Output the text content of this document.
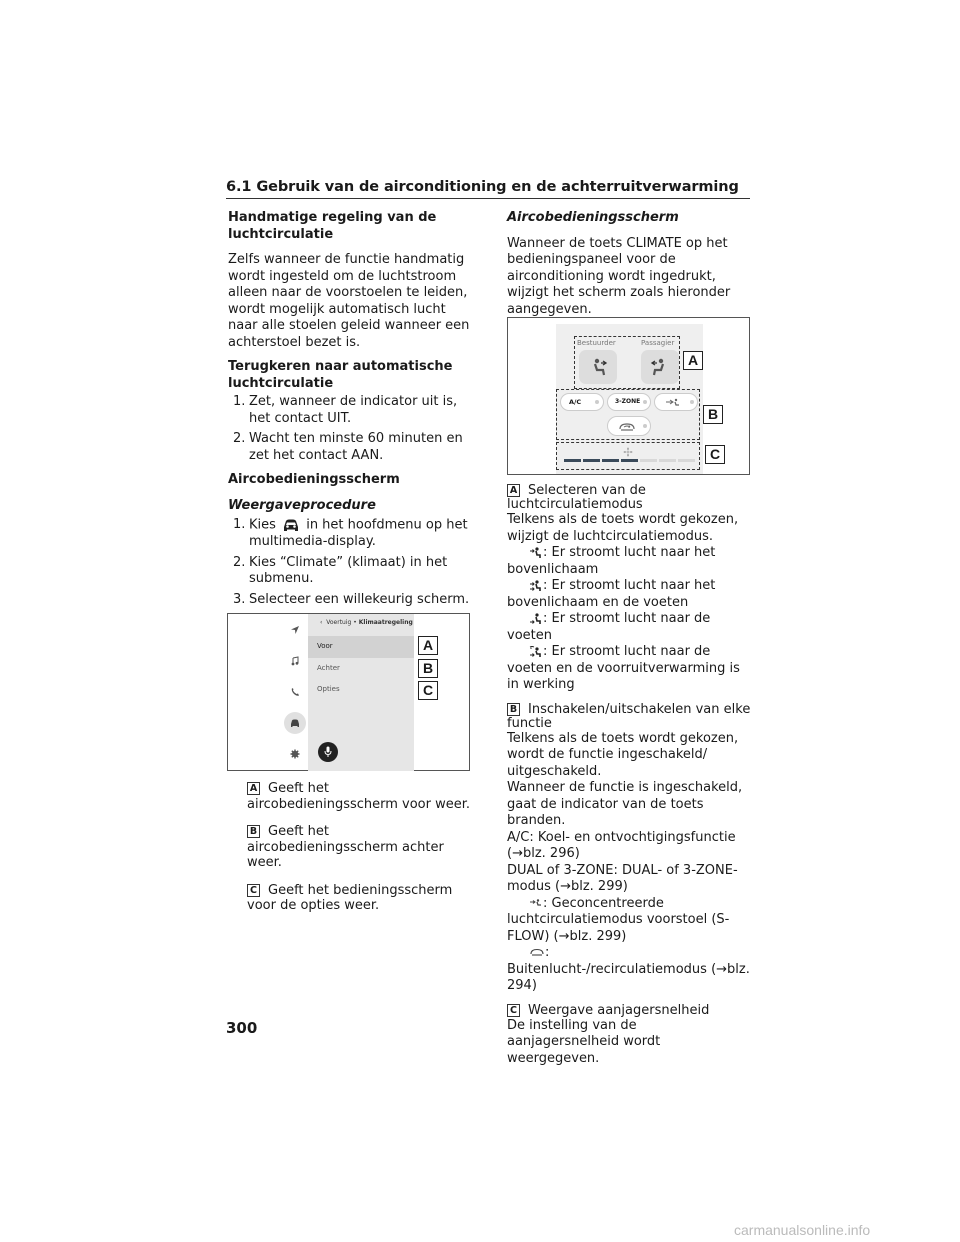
6.1 Gebruik van de airconditioning en de achterruitverwarming
Handmatige regeling van de luchtcirculatie
Zelfs wanneer de functie handmatig wordt ingesteld om de luchtstroom alleen naar de voorstoelen te leiden, wordt mogelijk automatisch lucht naar alle stoelen geleid wanneer een achterstoel bezet is.
Terugkeren naar automatische luchtcirculatie
1. Zet, wanneer de indicator uit is, het contact UIT.
2. Wacht ten minste 60 minuten en zet het contact AAN.
Aircobedieningsscherm
Weergaveprocedure
1. Kies in het hoofdmenu op het multimedia-display.
2. Kies “Climate” (klimaat) in het submenu.
3. Selecteer een willekeurig scherm.
‹ Voertuig • Klimaatregeling
Voor
Achter
Opties
A
B
C
A Geeft het aircobedieningsscherm voor weer.
B Geeft het aircobedieningsscherm achter weer.
C Geeft het bedieningsscherm voor de opties weer.
Aircobedieningsscherm
Wanneer de toets CLIMATE op het bedieningspaneel voor de airconditioning wordt ingedrukt, wijzigt het scherm zoals hieronder aangegeven.
Bestuurder	Passagier
A/C	3-ZONE
A
B
C
A Selecteren van de luchtcirculatiemodus
Telkens als de toets wordt gekozen, wijzigt de luchtcirculatiemodus.
: Er stroomt lucht naar het bovenlichaam
: Er stroomt lucht naar het bovenlichaam en de voeten
: Er stroomt lucht naar de voeten
: Er stroomt lucht naar de voeten en de voorruitverwarming is in werking
B Inschakelen/uitschakelen van elke functie
Telkens als de toets wordt gekozen, wordt de functie ingeschakeld/ uitgeschakeld.
Wanneer de functie is ingeschakeld, gaat de indicator van de toets branden.
A/C: Koel- en ontvochtigingsfunctie (→blz. 296)
DUAL of 3-ZONE: DUAL- of 3-ZONE-modus (→blz. 299)
: Geconcentreerde luchtcirculatiemodus voorstoel (S-FLOW) (→blz. 299)
: Buitenlucht-/recirculatiemodus (→blz. 294)
C Weergave aanjagersnelheid
De instelling van de aanjagersnelheid wordt weergegeven.
300
carmanualsonline.info
